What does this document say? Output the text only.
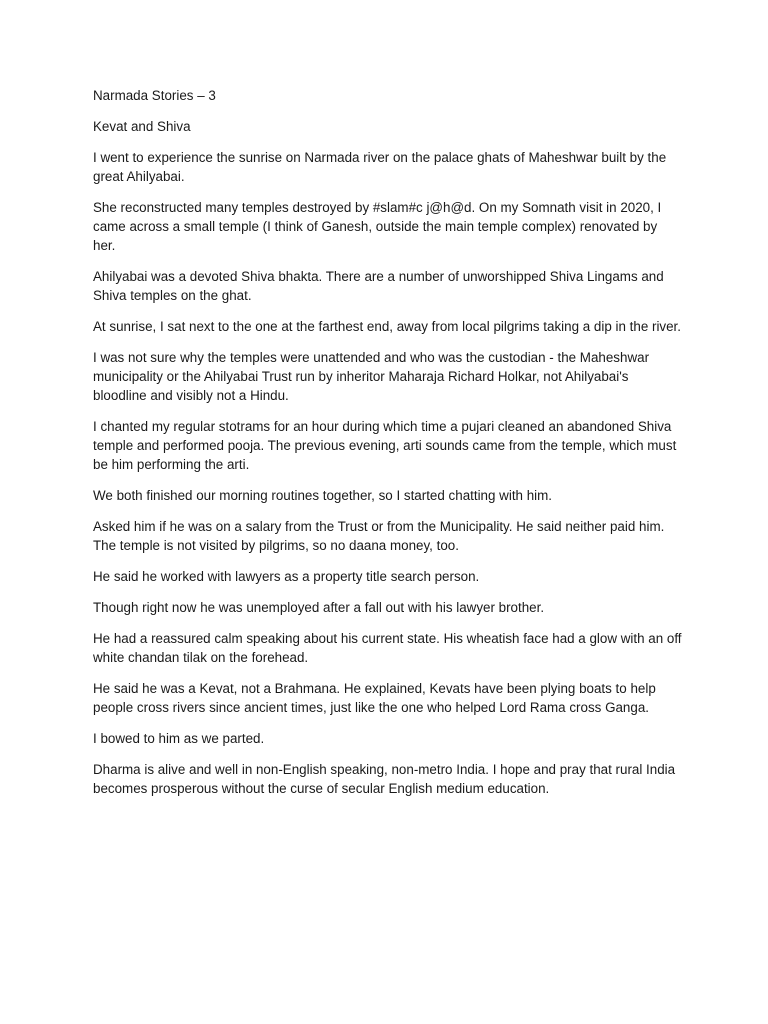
Narmada Stories – 3

Kevat and Shiva

I went to experience the sunrise on Narmada river on the palace ghats of Maheshwar built by the great Ahilyabai.

She reconstructed many temples destroyed by #slam#c j@h@d. On my Somnath visit in 2020, I came across a small temple (I think of Ganesh, outside the main temple complex) renovated by her.

Ahilyabai was a devoted Shiva bhakta. There are a number of unworshipped Shiva Lingams and Shiva temples on the ghat.

At sunrise, I sat next to the one at the farthest end, away from local pilgrims taking a dip in the river.

I was not sure why the temples were unattended and who was the custodian - the Maheshwar municipality or the Ahilyabai Trust run by inheritor Maharaja Richard Holkar, not Ahilyabai's bloodline and visibly not a Hindu.

I chanted my regular stotrams for an hour during which time a pujari cleaned an abandoned Shiva temple and performed pooja. The previous evening, arti sounds came from the temple, which must be him performing the arti.

We both finished our morning routines together, so I started chatting with him.

Asked him if he was on a salary from the Trust or from the Municipality. He said neither paid him. The temple is not visited by pilgrims, so no daana money, too.

He said he worked with lawyers as a property title search person.

Though right now he was unemployed after a fall out with his lawyer brother.

He had a reassured calm speaking about his current state. His wheatish face had a glow with an off white chandan tilak on the forehead.

He said he was a Kevat, not a Brahmana. He explained, Kevats have been plying boats to help people cross rivers since ancient times, just like the one who helped Lord Rama cross Ganga.

I bowed to him as we parted.

Dharma is alive and well in non-English speaking, non-metro India. I hope and pray that rural India becomes prosperous without the curse of secular English medium education.
